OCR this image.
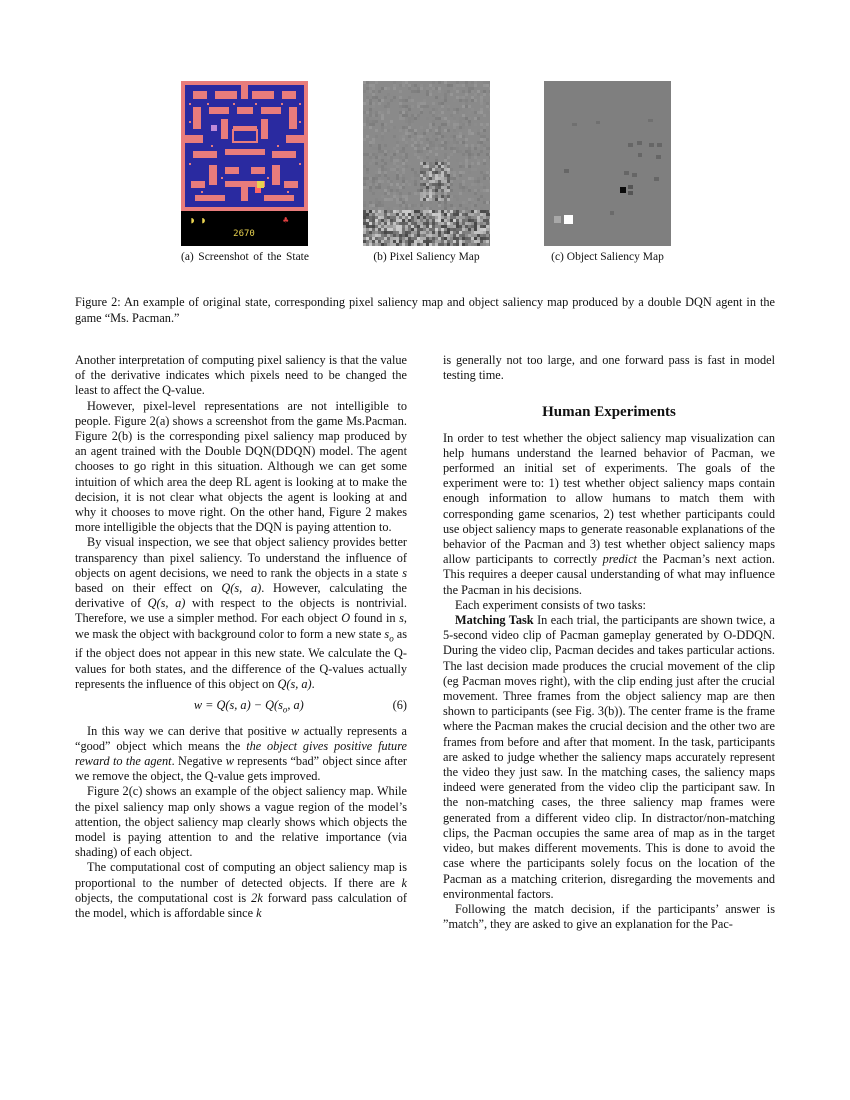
◗ ◗	♣
2670
(a) Screenshot of the State	(b) Pixel Saliency Map	(c) Object Saliency Map
Figure 2: An example of original state, corresponding pixel saliency map and object saliency map produced by a double DQN agent in the game “Ms. Pacman.”

Another interpretation of computing pixel saliency is that the value of the derivative indicates which pixels need to be changed the least to affect the Q-value.

However, pixel-level representations are not intelligible to people. Figure 2(a) shows a screenshot from the game Ms.Pacman. Figure 2(b) is the corresponding pixel saliency map produced by an agent trained with the Double DQN(DDQN) model. The agent chooses to go right in this situation. Although we can get some intuition of which area the deep RL agent is looking at to make the decision, it is not clear what objects the agent is looking at and why it chooses to move right. On the other hand, Figure 2 makes more intelligible the objects that the DQN is paying attention to.

By visual inspection, we see that object saliency provides better transparency than pixel saliency. To understand the influence of objects on agent decisions, we need to rank the objects in a state s based on their effect on Q(s, a). However, calculating the derivative of Q(s, a) with respect to the objects is nontrivial. Therefore, we use a simpler method. For each object O found in s, we mask the object with background color to form a new state $s_o$ as if the object does not appear in this new state. We calculate the Q-values for both states, and the difference of the Q-values actually represents the influence of this object on Q(s, a).

w = Q(s, $a) - Q(s_o$, a)	(6)

In this way we can derive that positive w actually represents a “good” object which means the the object gives positive future reward to the agent. Negative w represents “bad” object since after we remove the object, the Q-value gets improved.

Figure 2(c) shows an example of the object saliency map. While the pixel saliency map only shows a vague region of the model’s attention, the object saliency map clearly shows which objects the model is paying attention to and the relative importance (via shading) of each object.

The computational cost of computing an object saliency map is proportional to the number of detected objects. If there are k objects, the computational cost is 2k forward pass calculation of the model, which is affordable since k

is generally not too large, and one forward pass is fast in model testing time.

Human Experiments

In order to test whether the object saliency map visualization can help humans understand the learned behavior of Pacman, we performed an initial set of experiments. The goals of the experiment were to: 1) test whether object saliency maps contain enough information to allow humans to match them with corresponding game scenarios, 2) test whether participants could use object saliency maps to generate reasonable explanations of the behavior of the Pacman and 3) test whether object saliency maps allow participants to correctly predict the Pacman’s next action. This requires a deeper causal understanding of what may influence the Pacman in his decisions.

Each experiment consists of two tasks:

Matching Task In each trial, the participants are shown twice, a 5-second video clip of Pacman gameplay generated by O-DDQN. During the video clip, Pacman decides and takes particular actions. The last decision made produces the crucial movement of the clip (eg Pacman moves right), with the clip ending just after the crucial movement. Three frames from the object saliency map are then shown to participants (see Fig. 3(b)). The center frame is the frame where the Pacman makes the crucial decision and the other two are frames from before and after that moment. In the task, participants are asked to judge whether the saliency maps accurately represent the video they just saw. In the matching cases, the saliency maps indeed were generated from the video clip the participant saw. In the non-matching cases, the three saliency map frames were generated from a different video clip. In distractor/non-matching clips, the Pacman occupies the same area of map as in the target video, but makes different movements. This is done to avoid the case where the participants solely focus on the location of the Pacman as a matching criterion, disregarding the movements and environmental factors.

Following the match decision, if the participants’ answer is ”match”, they are asked to give an explanation for the Pac-
